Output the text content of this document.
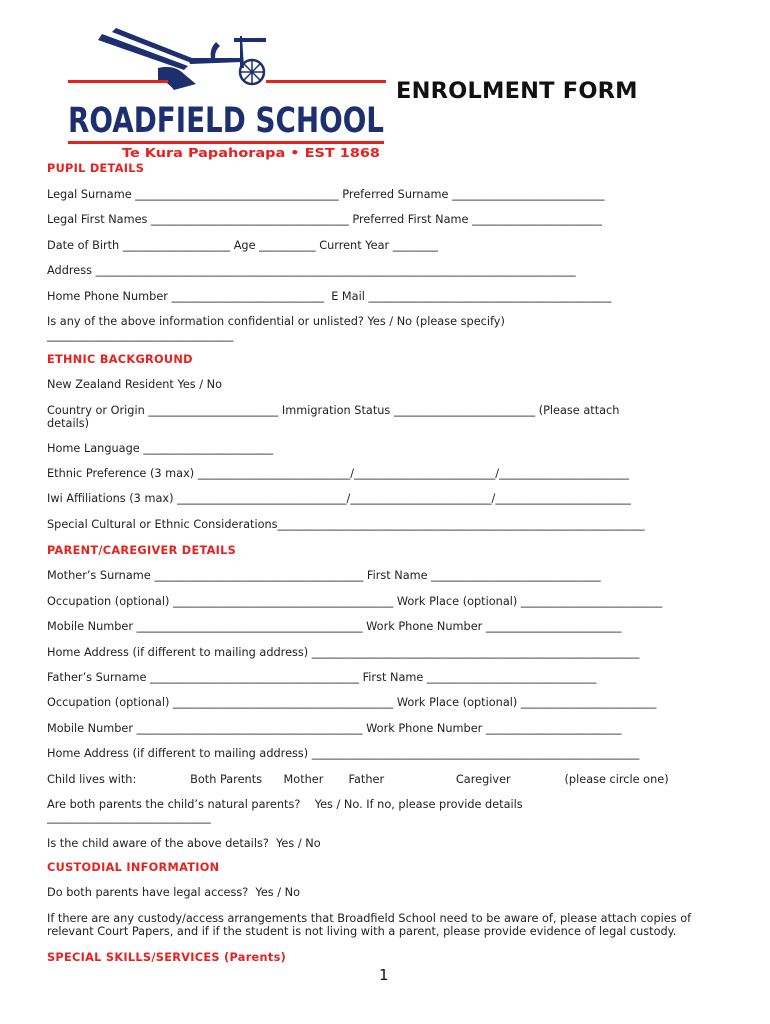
ROADFIELD SCHOOL
Te Kura Papahorapa • EST 1868
ENROLMENT FORM
PUPIL DETAILS
Legal Surname ____________________________________ Preferred Surname ___________________________
Legal First Names ___________________________________ Preferred First Name _______________________
Date of Birth ___________________ Age __________ Current Year ________
Address _____________________________________________________________________________________
Home Phone Number ___________________________  E Mail ___________________________________________
Is any of the above information confidential or unlisted? Yes / No (please specify)
_________________________________
ETHNIC BACKGROUND
New Zealand Resident Yes / No
Country or Origin _______________________ Immigration Status _________________________ (Please attach
details)
Home Language _______________________
Ethnic Preference (3 max) ___________________________/_________________________/_______________________
Iwi Affiliations (3 max) ______________________________/_________________________/________________________
Special Cultural or Ethnic Considerations_________________________________________________________________
PARENT/CAREGIVER DETAILS
Mother’s Surname _____________________________________ First Name ______________________________
Occupation (optional) _______________________________________ Work Place (optional) _________________________
Mobile Number ________________________________________ Work Phone Number ________________________
Home Address (if different to mailing address) __________________________________________________________
Father’s Surname _____________________________________ First Name ______________________________
Occupation (optional) _______________________________________ Work Place (optional) ________________________
Mobile Number ________________________________________ Work Phone Number ________________________
Home Address (if different to mailing address) __________________________________________________________
Child lives with:               Both Parents      Mother       Father                    Caregiver               (please circle one)
Are both parents the child’s natural parents?    Yes / No. If no, please provide details
_____________________________
Is the child aware of the above details?  Yes / No
CUSTODIAL INFORMATION
Do both parents have legal access?  Yes / No
If there are any custody/access arrangements that Broadfield School need to be aware of, please attach copies of relevant Court Papers, and if if the student is not living with a parent, please provide evidence of legal custody.
SPECIAL SKILLS/SERVICES (Parents)
1
